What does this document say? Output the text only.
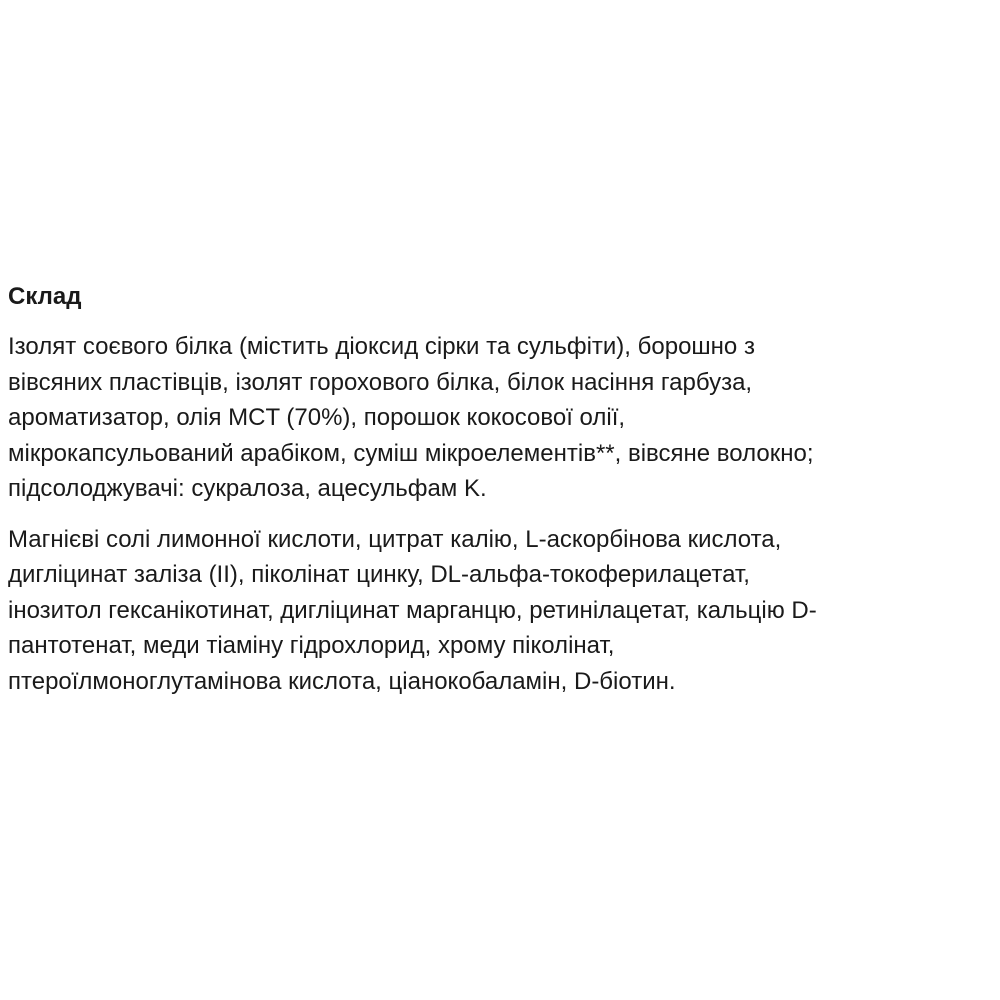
Склад

Ізолят соєвого білка (містить діоксид сірки та сульфіти), борошно з
вівсяних пластівців, ізолят горохового білка, білок насіння гарбуза,
ароматизатор, олія MCT (70%), порошок кокосової олії,
мікрокапсульований арабіком, суміш мікроелементів**, вівсяне волокно;
підсолоджувачі: сукралоза, ацесульфам K.

Магнієві солі лимонної кислоти, цитрат калію, L-аскорбінова кислота,
дигліцинат заліза (II), піколінат цинку, DL-альфа-токоферилацетат,
інозитол гексанікотинат, дигліцинат марганцю, ретинілацетат, кальцію D-
пантотенат, меди тіаміну гідрохлорид, хрому піколінат,
птероїлмоноглутамінова кислота, ціанокобаламін, D-біотин.
